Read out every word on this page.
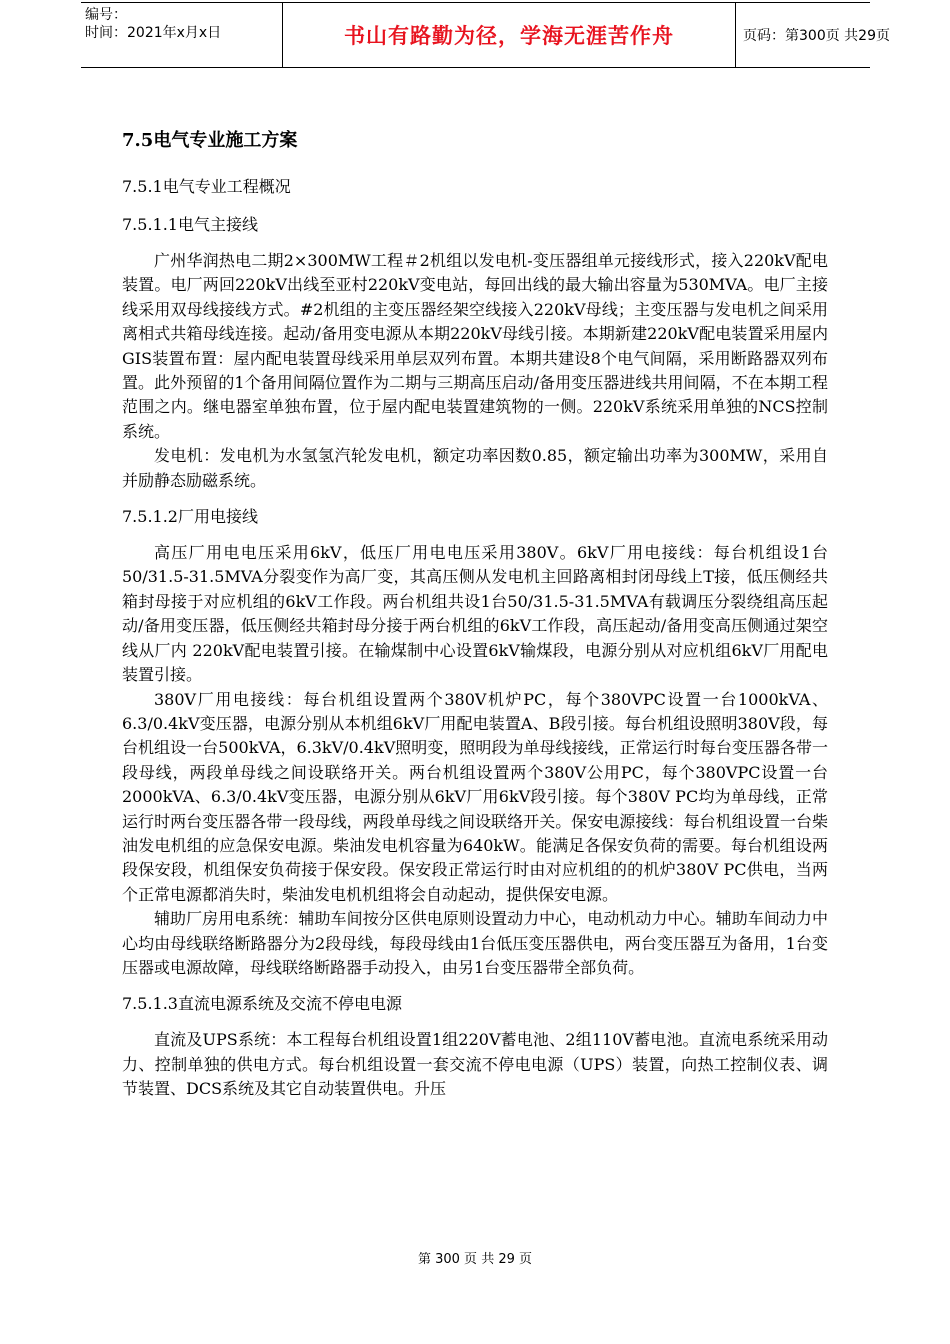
编号：
时间：2021年x月x日	书山有路勤为径，学海无涯苦作舟	页码：第300页 共29页
7.5电气专业施工方案
7.5.1电气专业工程概况
7.5.1.1电气主接线

广州华润热电二期2×300MW工程＃2机组以发电机-变压器组单元接线形式，接入220kV配电装置。电厂两回220kV出线至亚村220kV变电站，每回出线的最大输出容量为530MVA。电厂主接线采用双母线接线方式。#2机组的主变压器经架空线接入220kV母线；主变压器与发电机之间采用离相式共箱母线连接。起动/备用变电源从本期220kV母线引接。本期新建220kV配电装置采用屋内GIS装置布置：屋内配电装置母线采用单层双列布置。本期共建设8个电气间隔，采用断路器双列布置。此外预留的1个备用间隔位置作为二期与三期高压启动/备用变压器进线共用间隔，不在本期工程范围之内。继电器室单独布置，位于屋内配电装置建筑物的一侧。220kV系统采用单独的NCS控制系统。

发电机：发电机为水氢氢汽轮发电机，额定功率因数0.85，额定输出功率为300MW，采用自并励静态励磁系统。

7.5.1.2厂用电接线

高压厂用电电压采用6kV，低压厂用电电压采用380V。6kV厂用电接线：每台机组设1台50/31.5-31.5MVA分裂变作为高厂变，其高压侧从发电机主回路离相封闭母线上T接，低压侧经共箱封母接于对应机组的6kV工作段。两台机组共设1台50/31.5-31.5MVA有载调压分裂绕组高压起动/备用变压器，低压侧经共箱封母分接于两台机组的6kV工作段，高压起动/备用变高压侧通过架空线从厂内 220kV配电装置引接。在输煤制中心设置6kV输煤段，电源分别从对应机组6kV厂用配电装置引接。

380V厂用电接线：每台机组设置两个380V机炉PC，每个380VPC设置一台1000kVA、6.3/0.4kV变压器，电源分别从本机组6kV厂用配电装置A、B段引接。每台机组设照明380V段，每台机组设一台500kVA，6.3kV/0.4kV照明变，照明段为单母线接线，正常运行时每台变压器各带一段母线，两段单母线之间设联络开关。两台机组设置两个380V公用PC，每个380VPC设置一台2000kVA、6.3/0.4kV变压器，电源分别从6kV厂用6kV段引接。每个380V PC均为单母线，正常运行时两台变压器各带一段母线，两段单母线之间设联络开关。保安电源接线：每台机组设置一台柴油发电机组的应急保安电源。柴油发电机容量为640kW。能满足各保安负荷的需要。每台机组设两段保安段，机组保安负荷接于保安段。保安段正常运行时由对应机组的的机炉380V PC供电，当两个正常电源都消失时，柴油发电机机组将会自动起动，提供保安电源。

辅助厂房用电系统：辅助车间按分区供电原则设置动力中心，电动机动力中心。辅助车间动力中心均由母线联络断路器分为2段母线，每段母线由1台低压变压器供电，两台变压器互为备用，1台变压器或电源故障，母线联络断路器手动投入，由另1台变压器带全部负荷。

7.5.1.3直流电源系统及交流不停电电源

直流及UPS系统：本工程每台机组设置1组220V蓄电池、2组110V蓄电池。直流电系统采用动力、控制单独的供电方式。每台机组设置一套交流不停电电源（UPS）装置，向热工控制仪表、调节装置、DCS系统及其它自动装置供电。升压

第 300 页 共 29 页
